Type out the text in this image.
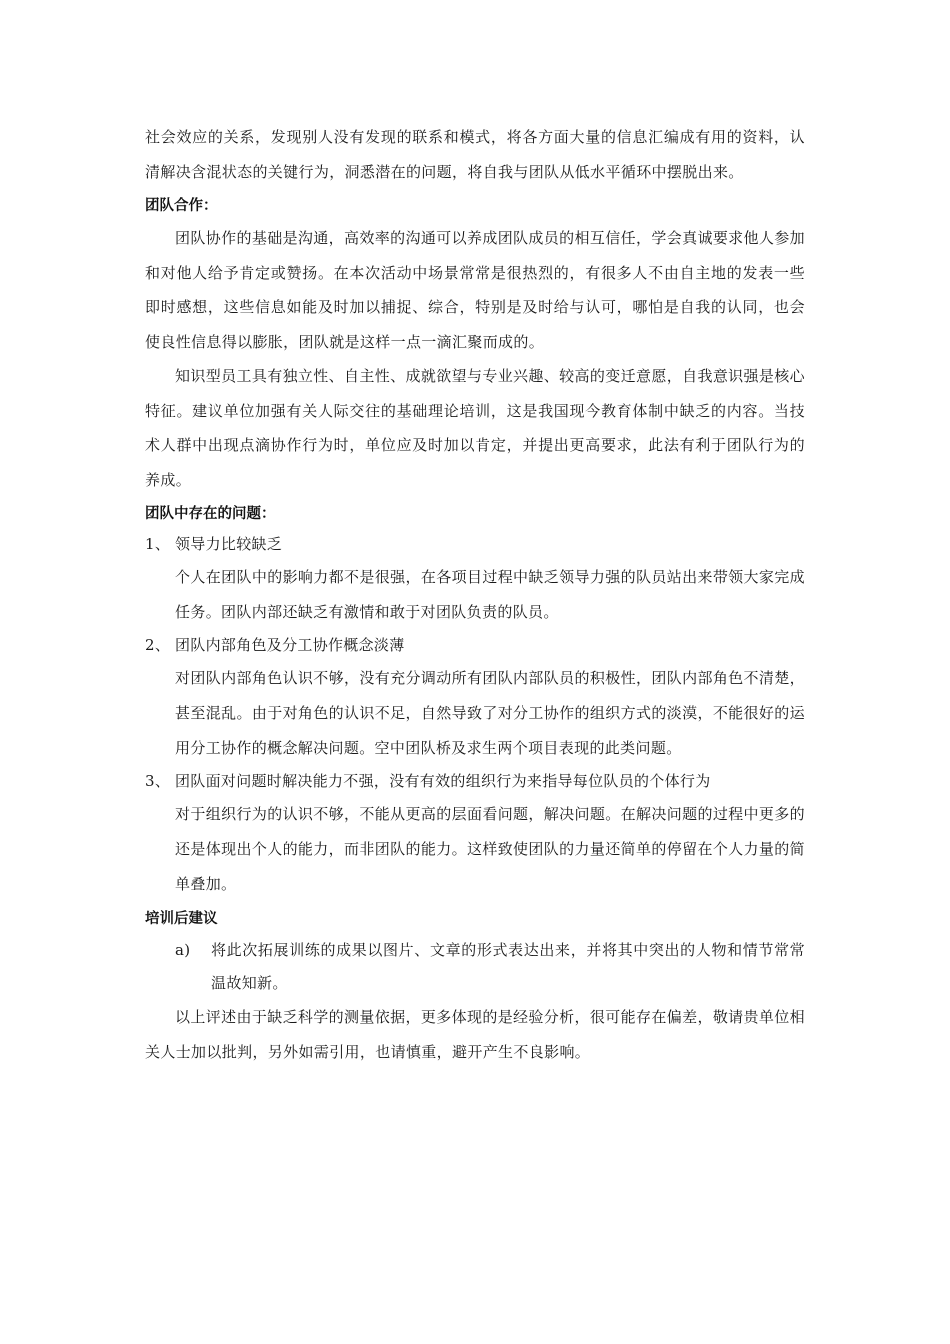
社会效应的关系，发现别人没有发现的联系和模式，将各方面大量的信息汇编成有用的资料，认清解决含混状态的关键行为，洞悉潜在的问题，将自我与团队从低水平循环中摆脱出来。

团队合作：

团队协作的基础是沟通，高效率的沟通可以养成团队成员的相互信任，学会真诚要求他人参加和对他人给予肯定或赞扬。在本次活动中场景常常是很热烈的，有很多人不由自主地的发表一些即时感想，这些信息如能及时加以捕捉、综合，特别是及时给与认可，哪怕是自我的认同，也会使良性信息得以膨胀，团队就是这样一点一滴汇聚而成的。

知识型员工具有独立性、自主性、成就欲望与专业兴趣、较高的变迁意愿，自我意识强是核心特征。建议单位加强有关人际交往的基础理论培训，这是我国现今教育体制中缺乏的内容。当技术人群中出现点滴协作行为时，单位应及时加以肯定，并提出更高要求，此法有利于团队行为的养成。

团队中存在的问题：
1、 领导力比较缺乏

个人在团队中的影响力都不是很强，在各项目过程中缺乏领导力强的队员站出来带领大家完成任务。团队内部还缺乏有激情和敢于对团队负责的队员。

2、 团队内部角色及分工协作概念淡薄

对团队内部角色认识不够，没有充分调动所有团队内部队员的积极性，团队内部角色不清楚，甚至混乱。由于对角色的认识不足，自然导致了对分工协作的组织方式的淡漠，不能很好的运用分工协作的概念解决问题。空中团队桥及求生两个项目表现的此类问题。

3、 团队面对问题时解决能力不强，没有有效的组织行为来指导每位队员的个体行为

对于组织行为的认识不够，不能从更高的层面看问题，解决问题。在解决问题的过程中更多的还是体现出个人的能力，而非团队的能力。这样致使团队的力量还简单的停留在个人力量的简单叠加。

培训后建议
a)	将此次拓展训练的成果以图片、文章的形式表达出来，并将其中突出的人物和情节常常温故知新。

以上评述由于缺乏科学的测量依据，更多体现的是经验分析，很可能存在偏差，敬请贵单位相关人士加以批判，另外如需引用，也请慎重，避开产生不良影响。
